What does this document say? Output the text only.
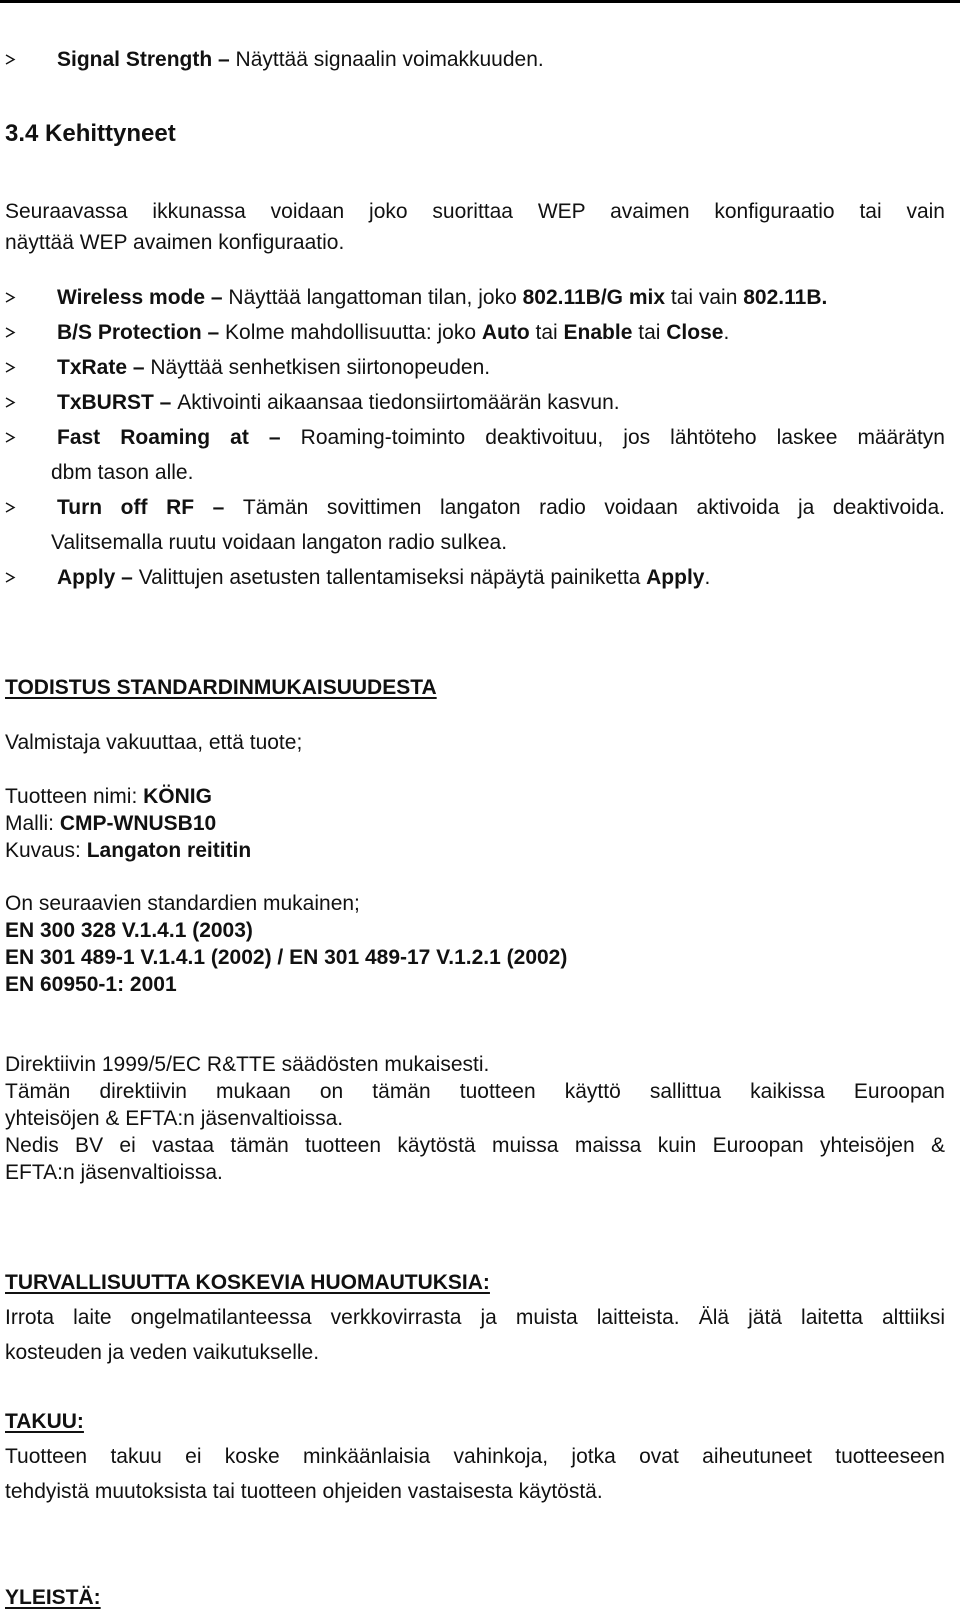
Signal Strength – Näyttää signaalin voimakkuuden.
3.4 Kehittyneet
Seuraavassa ikkunassa voidaan joko suorittaa WEP avaimen konfiguraatio tai vain
näyttää WEP avaimen konfiguraatio.
Wireless mode – Näyttää langattoman tilan, joko 802.11B/G mix tai vain 802.11B.
B/S Protection – Kolme mahdollisuutta: joko Auto tai Enable tai Close.
TxRate – Näyttää senhetkisen siirtonopeuden.
TxBURST – Aktivointi aikaansaa tiedonsiirtomäärän kasvun.
Fast Roaming at – Roaming-toiminto deaktivoituu, jos lähtöteho laskee määrätyn
dbm tason alle.
Turn off RF – Tämän sovittimen langaton radio voidaan aktivoida ja deaktivoida.
Valitsemalla ruutu voidaan langaton radio sulkea.
Apply – Valittujen asetusten tallentamiseksi näpäytä painiketta Apply.
TODISTUS STANDARDINMUKAISUUDESTA
Valmistaja vakuuttaa, että tuote;
Tuotteen nimi: KÖNIG
Malli: CMP-WNUSB10
Kuvaus: Langaton reititin
On seuraavien standardien mukainen;
EN 300 328 V.1.4.1 (2003)
EN 301 489-1 V.1.4.1 (2002) / EN 301 489-17 V.1.2.1 (2002)
EN 60950-1: 2001
Direktiivin 1999/5/EC R&TTE säädösten mukaisesti.
Tämän direktiivin mukaan on tämän tuotteen käyttö sallittua kaikissa Euroopan
yhteisöjen & EFTA:n jäsenvaltioissa.
Nedis BV ei vastaa tämän tuotteen käytöstä muissa maissa kuin Euroopan yhteisöjen &
EFTA:n jäsenvaltioissa.
TURVALLISUUTTA KOSKEVIA HUOMAUTUKSIA:
Irrota laite ongelmatilanteessa verkkovirrasta ja muista laitteista. Älä jätä laitetta alttiiksi
kosteuden ja veden vaikutukselle.
TAKUU:
Tuotteen takuu ei koske minkäänlaisia vahinkoja, jotka ovat aiheutuneet tuotteeseen
tehdyistä muutoksista tai tuotteen ohjeiden vastaisesta käytöstä.
YLEISTÄ:
